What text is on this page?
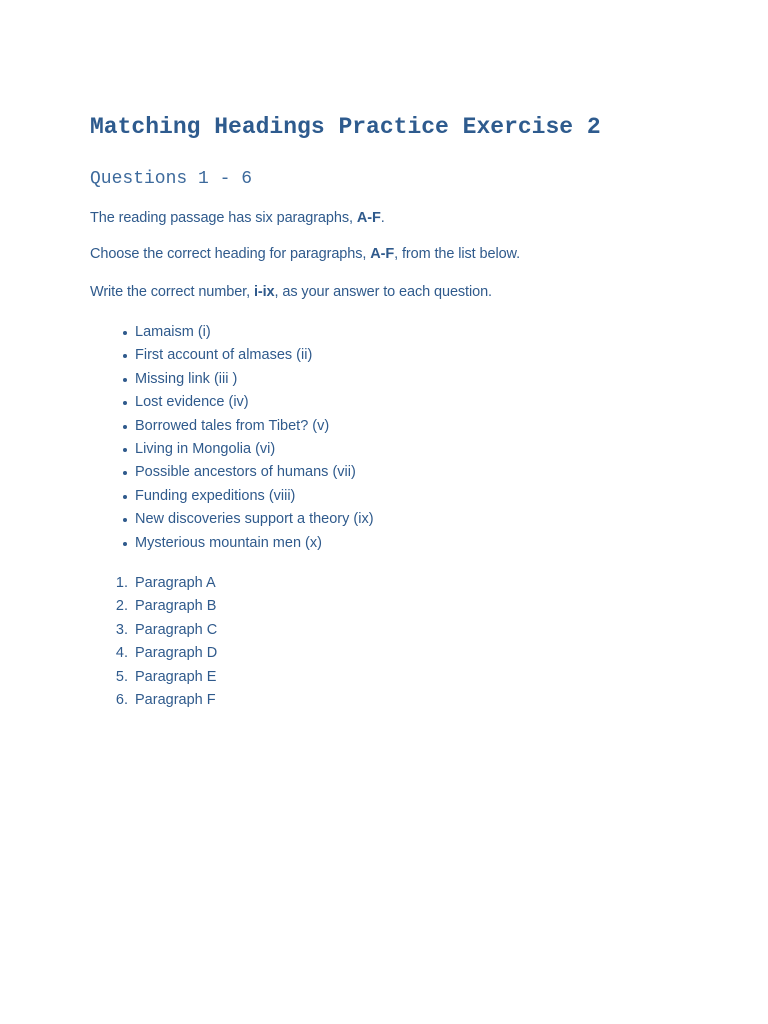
Matching Headings Practice Exercise 2
Questions 1 - 6

The reading passage has six paragraphs, A-F.

Choose the correct heading for paragraphs, A-F, from the list below.

Write the correct number, i-ix, as your answer to each question.

Lamaism (i)
First account of almases (ii)
Missing link (iii )
Lost evidence (iv)
Borrowed tales from Tibet? (v)
Living in Mongolia (vi)
Possible ancestors of humans (vii)
Funding expeditions (viii)
New discoveries support a theory (ix)
Mysterious mountain men (x)
1. Paragraph A
2. Paragraph B
3. Paragraph C
4. Paragraph D
5. Paragraph E
6. Paragraph F
